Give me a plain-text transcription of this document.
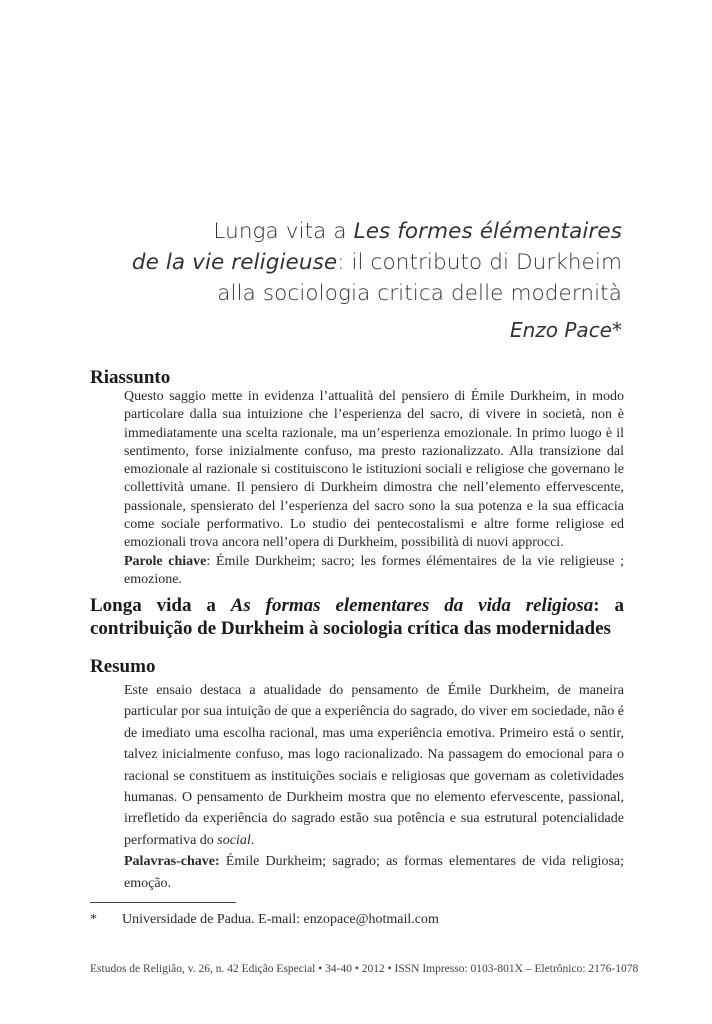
Lunga vita a Les formes élémentaires
de la vie religieuse: il contributo di Durkheim
alla sociologia critica delle modernità
Enzo Pace*
Riassunto

Questo saggio mette in evidenza l’attualità del pensiero di Émile Durkheim, in modo particolare dalla sua intuizione che l’esperienza del sacro, di vivere in società, non è immediatamente una scelta razionale, ma un’esperienza emozionale. In primo luogo è il sentimento, forse inizialmente confuso, ma presto razionalizzato. Alla transizione dal emozionale al razionale si costituiscono le istituzioni sociali e religiose che governano le collettività umane. Il pensiero di Durkheim dimostra che nell’elemento effervescente, passionale, spensierato del l’esperienza del sacro sono la sua potenza e la sua efficacia come sociale performativo. Lo studio dei pentecostalismi e altre forme religiose ed emozionali trova ancora nell’opera di Durkheim, possibilità di nuovi approcci.

Parole chiave: Émile Durkheim; sacro; les formes élémentaires de la vie religieuse ; emozione.

Longa vida a As formas elementares da vida religiosa: a contribuição de Durkheim à sociologia crítica das modernidades
Resumo

Este ensaio destaca a atualidade do pensamento de Émile Durkheim, de maneira particular por sua intuição de que a experiência do sagrado, do viver em sociedade, não é de imediato uma escolha racional, mas uma experiência emotiva. Primeiro está o sentir, talvez inicialmente confuso, mas logo racionalizado. Na passagem do emocional para o racional se constituem as instituições sociais e religiosas que governam as coletividades humanas. O pensamento de Durkheim mostra que no elemento efervescente, passional, irrefletido da experiência do sagrado estão sua potência e sua estrutural potencialidade performativa do social.

Palavras-chave: Émile Durkheim; sagrado; as formas elementares de vida religiosa; emoção.

* Universidade de Padua. E-mail: enzopace@hotmail.com
Estudos de Religião, v. 26, n. 42 Edição Especial • 34-40 • 2012 • ISSN Impresso: 0103-801X – Eletrônico: 2176-1078
